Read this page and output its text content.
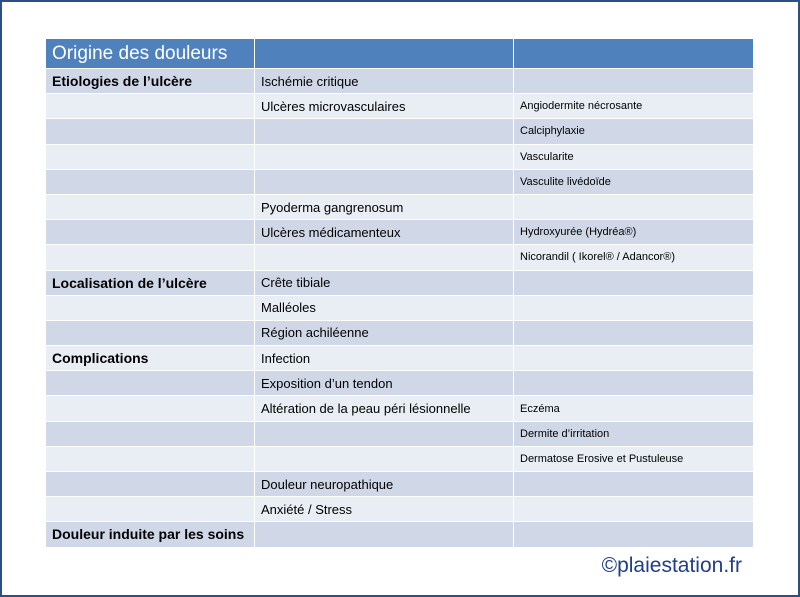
Origine des douleurs		
Etiologies de l’ulcère	Ischémie critique	
	Ulcères microvasculaires	Angiodermite nécrosante
		Calciphylaxie
		Vascularite
		Vasculite livédoïde
	Pyoderma gangrenosum	
	Ulcères médicamenteux	Hydroxyurée (Hydréa®)
		Nicorandil ( Ikorel® / Adancor®)
Localisation de l’ulcère	Crête tibiale	
	Malléoles	
	Région achiléenne	
Complications	Infection	
	Exposition d’un tendon	
	Altération de la peau péri lésionnelle	Eczéma
		Dermite d’irritation
		Dermatose Erosive et Pustuleuse
	Douleur neuropathique	
	Anxiété / Stress	
Douleur induite par les soins		
©plaiestation.fr
